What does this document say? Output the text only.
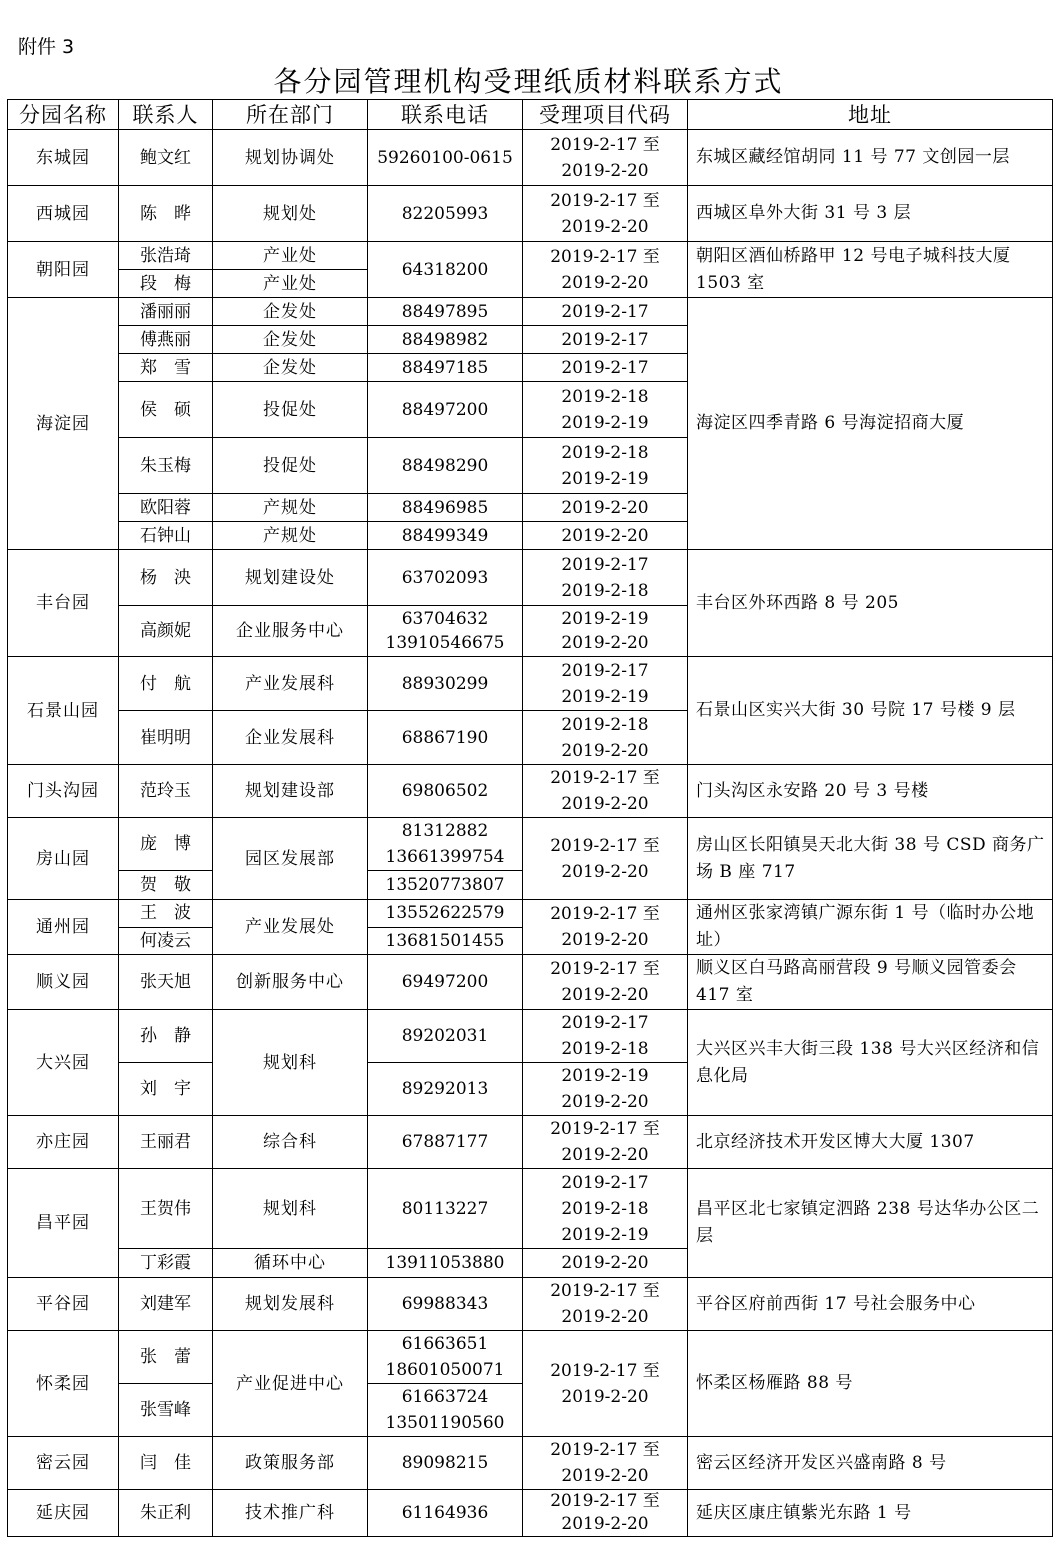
附件 3
各分园管理机构受理纸质材料联系方式
分园名称	联系人	所在部门	联系电话	受理项目代码	地址
东城园	鲍文红	规划协调处	59260100-0615	2019-2-17 至
2019-2-20	东城区藏经馆胡同 11 号 77 文创园一层
西城园	陈　晔	规划处	82205993	2019-2-17 至
2019-2-20	西城区阜外大街 31 号 3 层
朝阳园	张浩琦	产业处	64318200	2019-2-17 至
2019-2-20	朝阳区酒仙桥路甲 12 号电子城科技大厦 1503 室
	段　梅	产业处			
海淀园	潘丽丽	企发处	88497895	2019-2-17	海淀区四季青路 6 号海淀招商大厦
	傅燕丽	企发处	88498982	2019-2-17	
	郑　雪	企发处	88497185	2019-2-17	
	侯　硕	投促处	88497200	2019-2-18
2019-2-19	

	朱玉梅	投促处	88498290	2019-2-18
2019-2-19	

	欧阳蓉	产规处	88496985	2019-2-20	
	石钟山	产规处	88499349	2019-2-20	
丰台园	杨　泱	规划建设处	63702093	2019-2-17
2019-2-18	丰台区外环西路 8 号 205
	高颜妮	企业服务中心	63704632
13910546675	2019-2-19
2019-2-20	

石景山园	付　航	产业发展科	88930299	2019-2-17
2019-2-19	石景山区实兴大街 30 号院 17 号楼 9 层
	崔明明	企业发展科	68867190	2019-2-18
2019-2-20	

门头沟园	范玲玉	规划建设部	69806502	2019-2-17 至
2019-2-20	门头沟区永安路 20 号 3 号楼
房山园	庞　博	园区发展部	81312882
13661399754	2019-2-17 至
2019-2-20	房山区长阳镇昊天北大街 38 号 CSD 商务广场 B 座 717
	贺　敬		13520773807		
通州园	王　波	产业发展处	13552622579	2019-2-17 至
2019-2-20	通州区张家湾镇广源东街 1 号（临时办公地址）
	何凌云		13681501455		
顺义园	张天旭	创新服务中心	69497200	2019-2-17 至
2019-2-20	顺义区白马路高丽营段 9 号顺义园管委会 417 室
大兴园	孙　静	规划科	89202031	2019-2-17
2019-2-18	大兴区兴丰大街三段 138 号大兴区经济和信息化局
	刘　宇		89292013	2019-2-19
2019-2-20	

亦庄园	王丽君	综合科	67887177	2019-2-17 至
2019-2-20	北京经济技术开发区博大大厦 1307
昌平园	王贺伟	规划科	80113227	2019-2-17
2019-2-18
2019-2-19	昌平区北七家镇定泗路 238 号达华办公区二层
	丁彩霞	循环中心	13911053880	2019-2-20	
平谷园	刘建军	规划发展科	69988343	2019-2-17 至
2019-2-20	平谷区府前西街 17 号社会服务中心
怀柔园	张　蕾	产业促进中心	61663651
18601050071	2019-2-17 至
2019-2-20	怀柔区杨雁路 88 号
	张雪峰		61663724
13501190560		

密云园	闫　佳	政策服务部	89098215	2019-2-17 至
2019-2-20	密云区经济开发区兴盛南路 8 号
延庆园	朱正利	技术推广科	61164936	2019-2-17 至
2019-2-20	延庆区康庄镇紫光东路 1 号
